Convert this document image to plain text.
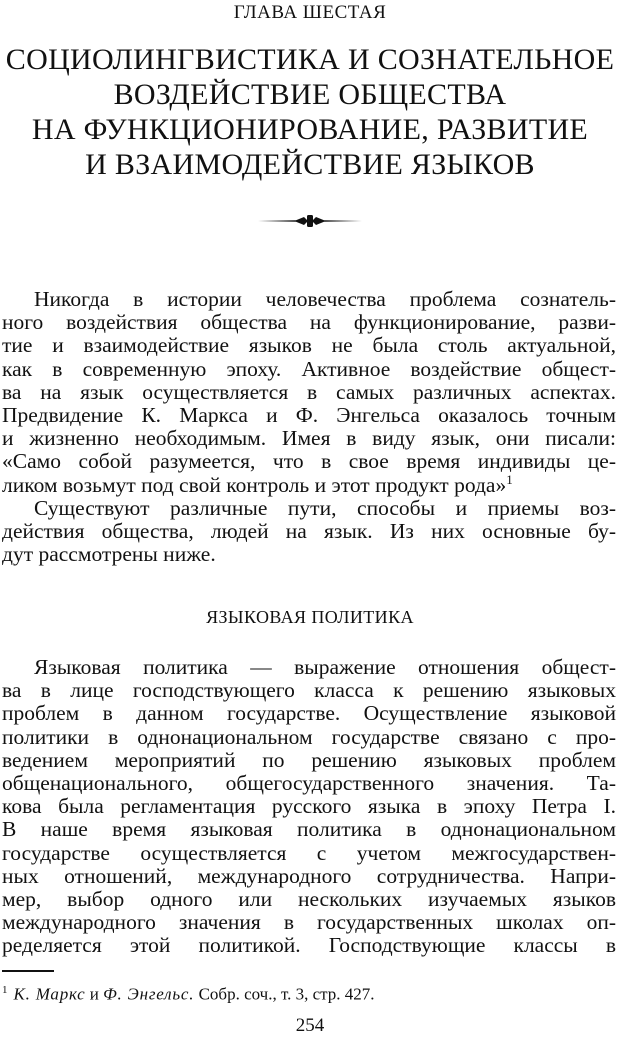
ГЛАВА ШЕСТАЯ
СОЦИОЛИНГВИСТИКА И СОЗНАТЕЛЬНОЕ
ВОЗДЕЙСТВИЕ ОБЩЕСТВА
НА ФУНКЦИОНИРОВАНИЕ, РАЗВИТИЕ
И ВЗАИМОДЕЙСТВИЕ ЯЗЫКОВ
Никогда в истории человечества проблема сознатель-
ного воздействия общества на функционирование, разви-
тие и взаимодействие языков не была столь актуальной,
как в современную эпоху. Активное воздействие общест-
ва на язык осуществляется в самых различных аспектах.
Предвидение К. Маркса и Ф. Энгельса оказалось точным
и жизненно необходимым. Имея в виду язык, они писали:
«Само собой разумеется, что в свое время индивиды це-
ликом возьмут под свой контроль и этот продукт рода»$^1$
Существуют различные пути, способы и приемы воз-
действия общества, людей на язык. Из них основные бу-
дут рассмотрены ниже.
ЯЗЫКОВАЯ ПОЛИТИКА
Языковая политика — выражение отношения общест-
ва в лице господствующего класса к решению языковых
проблем в данном государстве. Осуществление языковой
политики в однонациональном государстве связано с про-
ведением мероприятий по решению языковых проблем
общенационального, общегосударственного значения. Та-
кова была регламентация русского языка в эпоху Петра I.
В наше время языковая политика в однонациональном
государстве осуществляется с учетом межгосударствен-
ных отношений, международного сотрудничества. Напри-
мер, выбор одного или нескольких изучаемых языков
международного значения в государственных школах оп-
ределяется этой политикой. Господствующие классы в
$^1$ К. Маркс и Ф. Энгельс. Собр. соч., т. 3, стр. 427.
254
